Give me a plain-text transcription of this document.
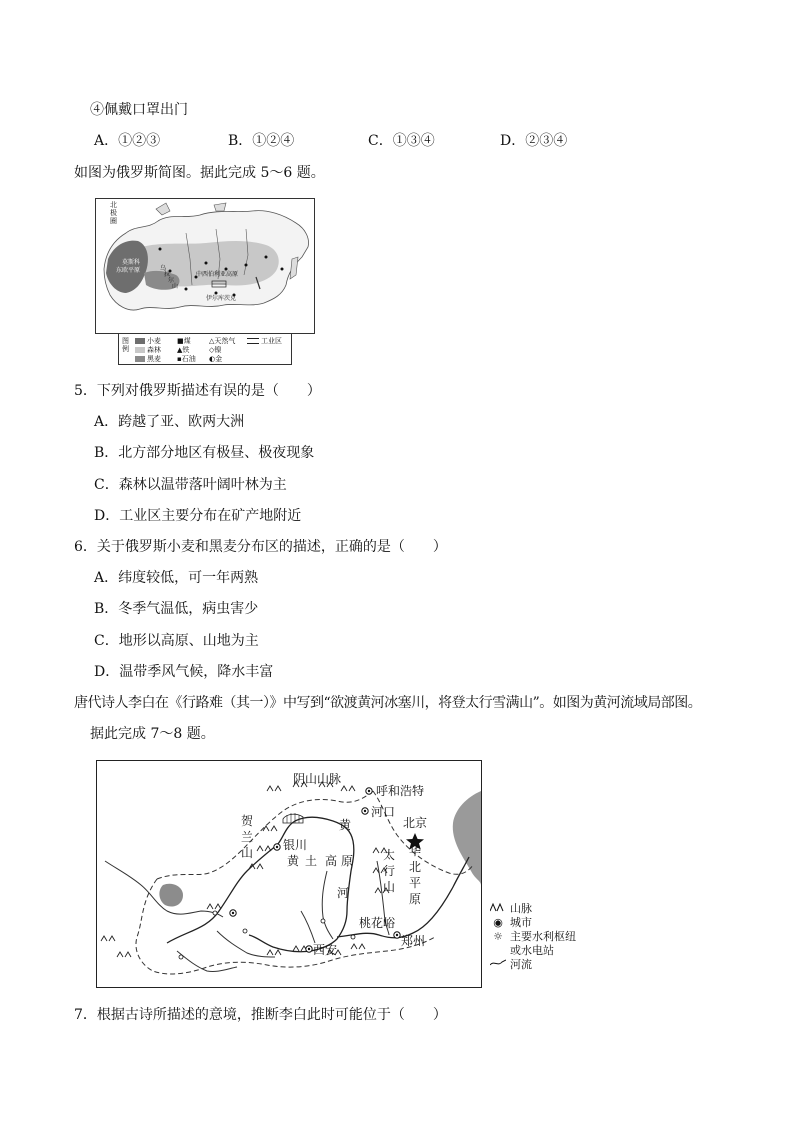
④佩戴口罩出门
A．①②③	B．①②④	C．①③④	D．②③④
如图为俄罗斯简图。据此完成 5～6 题。
北
极
圈
莫斯科
东欧平原	乌
拉
尔
山
中西伯利亚高原
伊尔库茨克
图例
小麦
森林
黑麦
■煤
▲铁
▪石油
△天然气
◇镍
◐金
工业区
5．下列对俄罗斯描述有误的是（　　）
A．跨越了亚、欧两大洲
B．北方部分地区有极昼、极夜现象
C．森林以温带落叶阔叶林为主
D．工业区主要分布在矿产地附近
6．关于俄罗斯小麦和黑麦分布区的描述，正确的是（　　）
A．纬度较低，可一年两熟
B．冬季气温低，病虫害少
C．地形以高原、山地为主
D．温带季风气候，降水丰富
唐代诗人李白在《行路难（其一）》中写到“欲渡黄河冰塞川，将登太行雪满山”。如图为黄河流域局部图。
据此完成 7～8 题。
阴山山脉
呼和浩特
河口
北京
贺兰山
银川
黄 土 高 原
黄
河
太行山
华北平原
西安
桃花峪
郑州
山脉
◉ 城市
☼ 主要水利枢纽
或水电站
河流
7．根据古诗所描述的意境，推断李白此时可能位于（　　）
